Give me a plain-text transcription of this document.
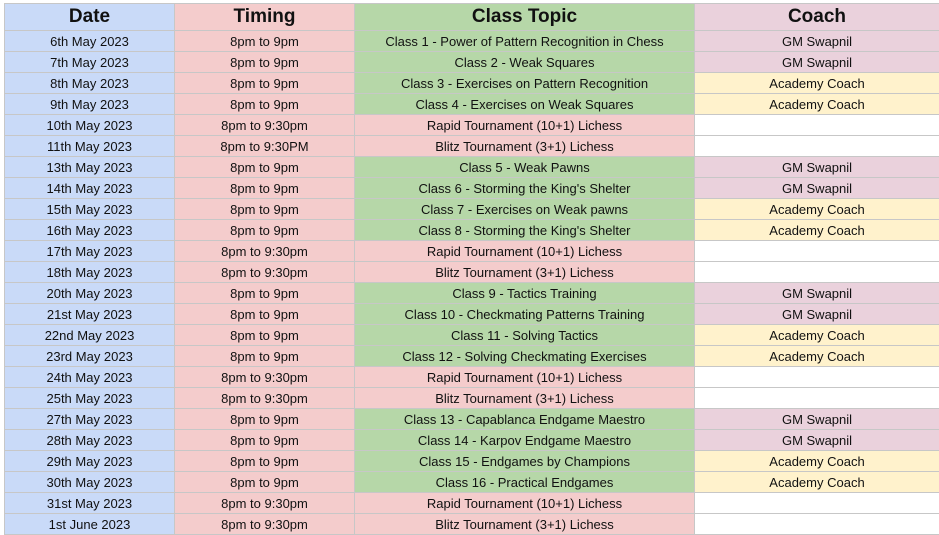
Date	Timing	Class Topic	Coach
6th May 2023	8pm to 9pm	Class 1 - Power of Pattern Recognition in Chess	GM Swapnil
7th May 2023	8pm to 9pm	Class 2 - Weak Squares	GM Swapnil
8th May 2023	8pm to 9pm	Class 3 - Exercises on Pattern Recognition	Academy Coach
9th May 2023	8pm to 9pm	Class 4 - Exercises on Weak Squares	Academy Coach
10th May 2023	8pm to 9:30pm	Rapid Tournament (10+1) Lichess	
11th May 2023	8pm to 9:30PM	Blitz Tournament (3+1) Lichess	
13th May 2023	8pm to 9pm	Class 5 - Weak Pawns	GM Swapnil
14th May 2023	8pm to 9pm	Class 6 - Storming the King's Shelter	GM Swapnil
15th May 2023	8pm to 9pm	Class 7 - Exercises on Weak pawns	Academy Coach
16th May 2023	8pm to 9pm	Class 8 - Storming the King's Shelter	Academy Coach
17th May 2023	8pm to 9:30pm	Rapid Tournament (10+1) Lichess	
18th May 2023	8pm to 9:30pm	Blitz Tournament (3+1) Lichess	
20th May 2023	8pm to 9pm	Class 9 - Tactics Training	GM Swapnil
21st May 2023	8pm to 9pm	Class 10 - Checkmating Patterns Training	GM Swapnil
22nd May 2023	8pm to 9pm	Class 11 - Solving Tactics	Academy Coach
23rd May 2023	8pm to 9pm	Class 12 - Solving Checkmating Exercises	Academy Coach
24th May 2023	8pm to 9:30pm	Rapid Tournament (10+1) Lichess	
25th May 2023	8pm to 9:30pm	Blitz Tournament (3+1) Lichess	
27th May 2023	8pm to 9pm	Class 13 - Capablanca Endgame Maestro	GM Swapnil
28th May 2023	8pm to 9pm	Class 14 - Karpov Endgame Maestro	GM Swapnil
29th May 2023	8pm to 9pm	Class 15 - Endgames by Champions	Academy Coach
30th May 2023	8pm to 9pm	Class 16 - Practical Endgames	Academy Coach
31st May 2023	8pm to 9:30pm	Rapid Tournament (10+1) Lichess	
1st June 2023	8pm to 9:30pm	Blitz Tournament (3+1) Lichess	
